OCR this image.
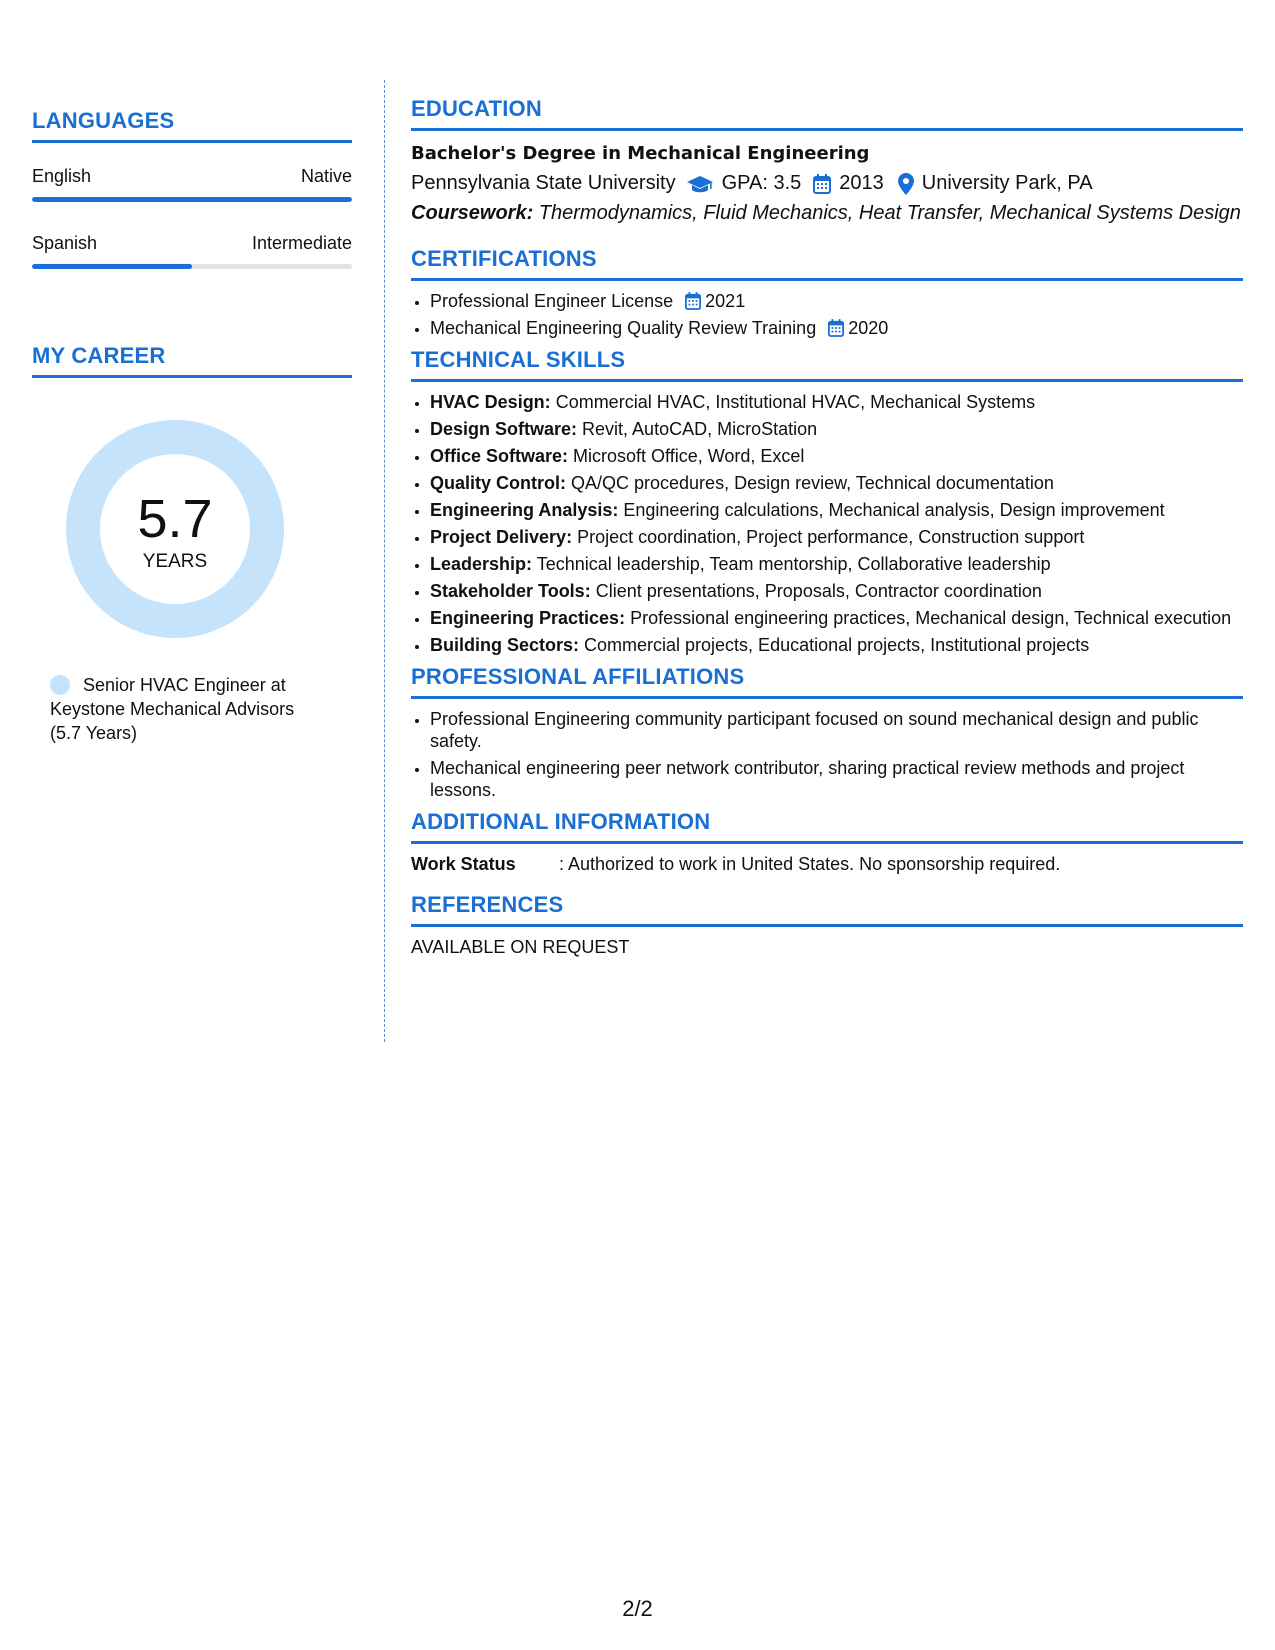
LANGUAGES
English	Native
Spanish	Intermediate
MY CAREER
5.7
YEARS
Senior HVAC Engineer at
Keystone Mechanical Advisors
(5.7 Years)
EDUCATION
Bachelor's Degree in Mechanical Engineering
Pennsylvania State University GPA: 3.5 2013 University Park, PA
Coursework: Thermodynamics, Fluid Mechanics, Heat Transfer, Mechanical Systems Design
CERTIFICATIONS
• Professional Engineer License 2021
• Mechanical Engineering Quality Review Training 2020
TECHNICAL SKILLS
• HVAC Design: Commercial HVAC, Institutional HVAC, Mechanical Systems
• Design Software: Revit, AutoCAD, MicroStation
• Office Software: Microsoft Office, Word, Excel
• Quality Control: QA/QC procedures, Design review, Technical documentation
• Engineering Analysis: Engineering calculations, Mechanical analysis, Design improvement
• Project Delivery: Project coordination, Project performance, Construction support
• Leadership: Technical leadership, Team mentorship, Collaborative leadership
• Stakeholder Tools: Client presentations, Proposals, Contractor coordination
• Engineering Practices: Professional engineering practices, Mechanical design, Technical execution
• Building Sectors: Commercial projects, Educational projects, Institutional projects
PROFESSIONAL AFFILIATIONS
• Professional Engineering community participant focused on sound mechanical design and public safety.
• Mechanical engineering peer network contributor, sharing practical review methods and project lessons.
ADDITIONAL INFORMATION
Work Status	: Authorized to work in United States. No sponsorship required.
REFERENCES
AVAILABLE ON REQUEST
2/2
